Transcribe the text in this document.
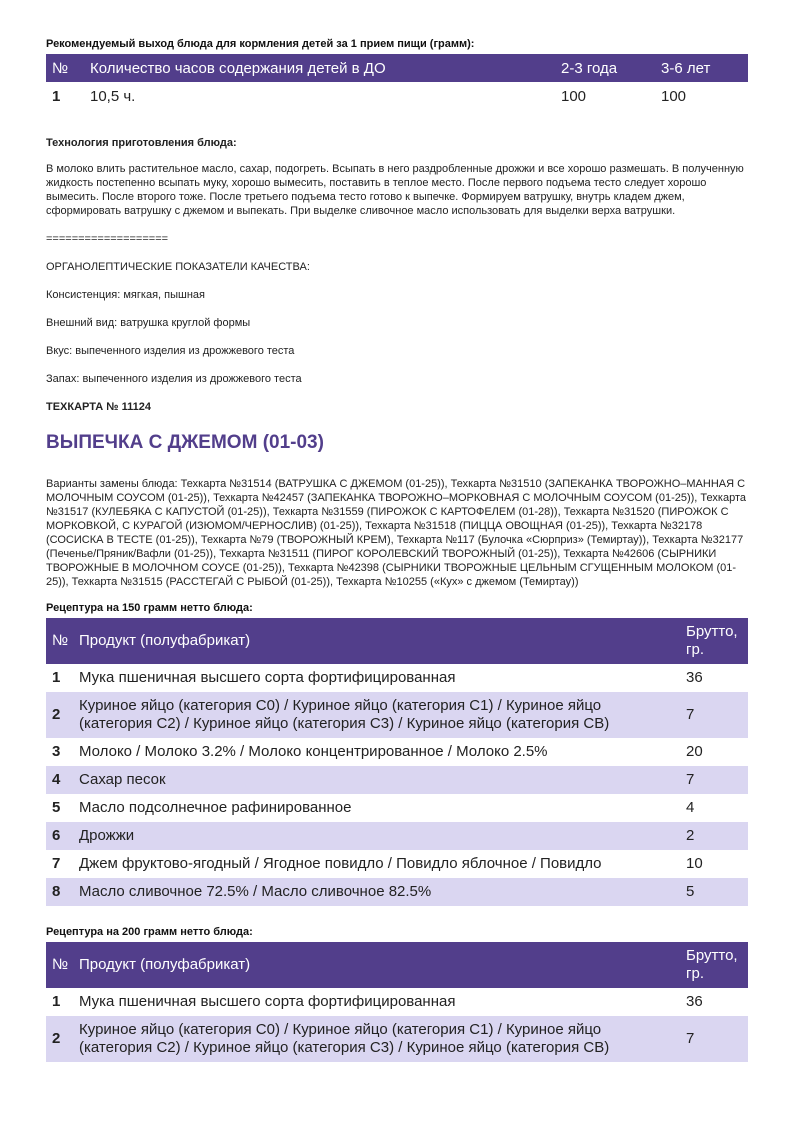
Рекомендуемый выход блюда для кормления детей за 1 прием пищи (грамм):
№	Количество часов содержания детей в ДО	2-3 года	3-6 лет
1	10,5 ч.	100	100
Технология приготовления блюда:

В молоко влить растительное масло, сахар, подогреть. Всыпать в него раздробленные дрожжи и все хорошо размешать. В полученную жидкость постепенно всыпать муку, хорошо вымесить, поставить в теплое место. После первого подъема тесто следует хорошо вымесить. После второго тоже. После третьего подъема тесто готово к выпечке. Формируем ватрушку, внутрь кладем джем, сформировать ватрушку с джемом и выпекать. При выделке сливочное масло использовать для выделки верха ватрушки.

===================

ОРГАНОЛЕПТИЧЕСКИЕ ПОКАЗАТЕЛИ КАЧЕСТВА:

Консистенция: мягкая, пышная

Внешний вид: ватрушка круглой формы

Вкус: выпеченного изделия из дрожжевого теста

Запах: выпеченного изделия из дрожжевого теста

ТЕХКАРТА № 11124

ВЫПЕЧКА С ДЖЕМОМ (01-03)

Варианты замены блюда: Техкарта №31514 (ВАТРУШКА С ДЖЕМОМ (01-25)), Техкарта №31510 (ЗАПЕКАНКА ТВОРОЖНО–МАННАЯ С МОЛОЧНЫМ СОУСОМ (01-25)), Техкарта №42457 (ЗАПЕКАНКА ТВОРОЖНО–МОРКОВНАЯ С МОЛОЧНЫМ СОУСОМ (01-25)), Техкарта №31517 (КУЛЕБЯКА С КАПУСТОЙ (01-25)), Техкарта №31559 (ПИРОЖОК С КАРТОФЕЛЕМ (01-28)), Техкарта №31520 (ПИРОЖОК С МОРКОВКОЙ, С КУРАГОЙ (ИЗЮМОМ/ЧЕРНОСЛИВ) (01-25)), Техкарта №31518 (ПИЦЦА ОВОЩНАЯ (01-25)), Техкарта №32178 (СОСИСКА В ТЕСТЕ (01-25)), Техкарта №79 (ТВОРОЖНЫЙ КРЕМ), Техкарта №117 (Булочка «Сюрприз» (Темиртау)), Техкарта №32177 (Печенье/Пряник/Вафли (01-25)), Техкарта №31511 (ПИРОГ КОРОЛЕВСКИЙ ТВОРОЖНЫЙ (01-25)), Техкарта №42606 (СЫРНИКИ ТВОРОЖНЫЕ В МОЛОЧНОМ СОУСЕ (01-25)), Техкарта №42398 (СЫРНИКИ ТВОРОЖНЫЕ ЦЕЛЬНЫМ СГУЩЕННЫМ МОЛОКОМ (01-25)), Техкарта №31515 (РАССТЕГАЙ С РЫБОЙ (01-25)), Техкарта №10255 («Кух» с джемом (Темиртау))

Рецептура на 150 грамм нетто блюда:
№	Продукт (полуфабрикат)	Брутто, гр.
1	Мука пшеничная высшего сорта фортифицированная	36
2	Куриное яйцо (категория С0) / Куриное яйцо (категория С1) / Куриное яйцо (категория С2) / Куриное яйцо (категория С3) / Куриное яйцо (категория СВ)	7
3	Молоко / Молоко 3.2% / Молоко концентрированное / Молоко 2.5%	20
4	Сахар песок	7
5	Масло подсолнечное рафинированное	4
6	Дрожжи	2
7	Джем фруктово-ягодный / Ягодное повидло / Повидло яблочное / Повидло	10
8	Масло сливочное 72.5% / Масло сливочное 82.5%	5
Рецептура на 200 грамм нетто блюда:
№	Продукт (полуфабрикат)	Брутто, гр.
1	Мука пшеничная высшего сорта фортифицированная	36
2	Куриное яйцо (категория С0) / Куриное яйцо (категория С1) / Куриное яйцо (категория С2) / Куриное яйцо (категория С3) / Куриное яйцо (категория СВ)	7
